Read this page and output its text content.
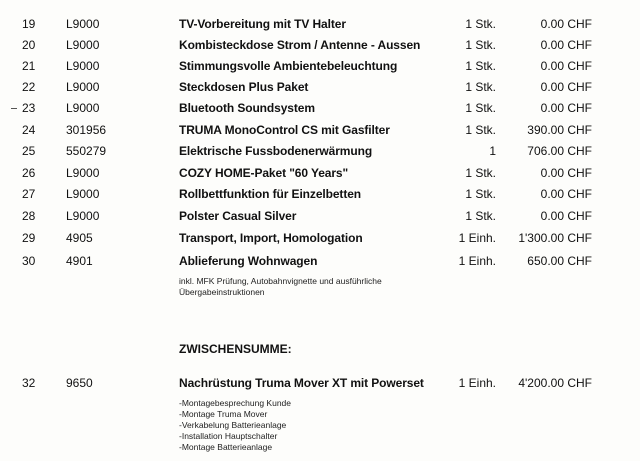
19	L9000	TV-Vorbereitung mit TV Halter	1 Stk.	0.00 CHF
20	L9000	Kombisteckdose Strom / Antenne - Aussen	1 Stk.	0.00 CHF
21	L9000	Stimmungsvolle Ambientebeleuchtung	1 Stk.	0.00 CHF
22	L9000	Steckdosen Plus Paket	1 Stk.	0.00 CHF
23	L9000	Bluetooth Soundsystem	1 Stk.	0.00 CHF
24	301956	TRUMA MonoControl CS mit Gasfilter	1 Stk.	390.00 CHF
25	550279	Elektrische Fussbodenerwärmung	1	706.00 CHF
26	L9000	COZY HOME-Paket "60 Years"	1 Stk.	0.00 CHF
27	L9000	Rollbettfunktion für Einzelbetten	1 Stk.	0.00 CHF
28	L9000	Polster Casual Silver	1 Stk.	0.00 CHF
29	4905	Transport, Import, Homologation	1 Einh.	1'300.00 CHF
30	4901	Ablieferung Wohnwagen	1 Einh.	650.00 CHF
inkl. MFK Prüfung, Autobahnvignette und ausführliche
Übergabeinstruktionen
ZWISCHENSUMME:
32	9650	Nachrüstung Truma Mover XT mit Powerset	1 Einh.	4'200.00 CHF
-Montagebesprechung Kunde
-Montage Truma Mover
-Verkabelung Batterieanlage
-Installation Hauptschalter
-Montage Batterieanlage
